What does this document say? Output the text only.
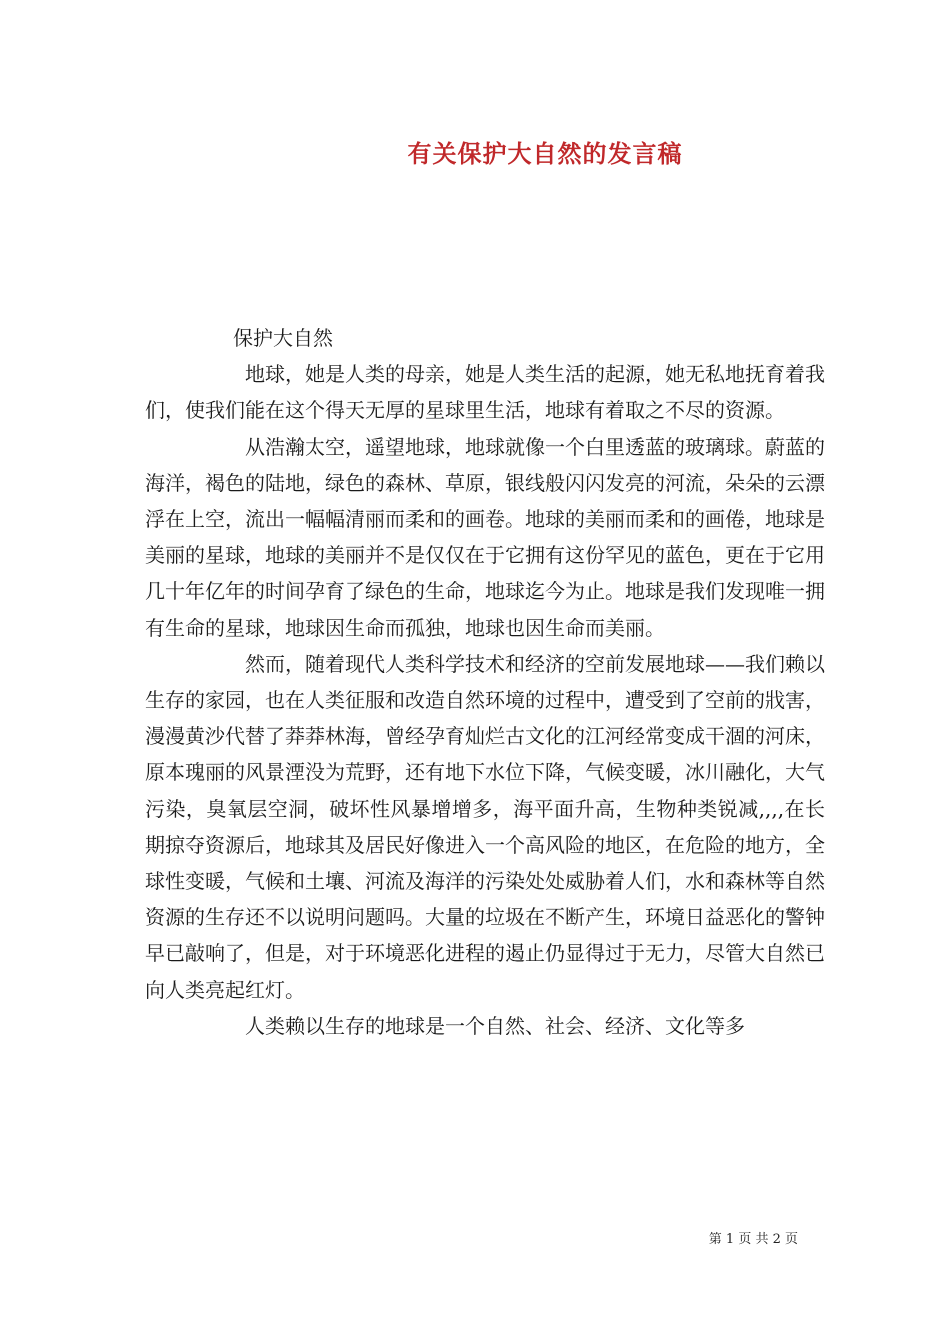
有关保护大自然的发言稿

保护大自然

地球，她是人类的母亲，她是人类生活的起源，她无私地抚育着我们，使我们能在这个得天无厚的星球里生活，地球有着取之不尽的资源。

从浩瀚太空，遥望地球，地球就像一个白里透蓝的玻璃球。蔚蓝的海洋，褐色的陆地，绿色的森林、草原，银线般闪闪发亮的河流，朵朵的云漂浮在上空，流出一幅幅清丽而柔和的画卷。地球的美丽而柔和的画倦，地球是美丽的星球，地球的美丽并不是仅仅在于它拥有这份罕见的蓝色，更在于它用几十年亿年的时间孕育了绿色的生命，地球迄今为止。地球是我们发现唯一拥有生命的星球，地球因生命而孤独，地球也因生命而美丽。

然而，随着现代人类科学技术和经济的空前发展地球——我们赖以生存的家园，也在人类征服和改造自然环境的过程中，遭受到了空前的戕害，漫漫黄沙代替了莽莽林海，曾经孕育灿烂古文化的江河经常变成干涸的河床，原本瑰丽的风景湮没为荒野，还有地下水位下降，气候变暖，冰川融化，大气污染，臭氧层空洞，破坏性风暴增增多，海平面升高，生物种类锐减,,,,在长期掠夺资源后，地球其及居民好像进入一个高风险的地区，在危险的地方，全球性变暖，气候和土壤、河流及海洋的污染处处威胁着人们，水和森林等自然资源的生存还不以说明问题吗。大量的垃圾在不断产生，环境日益恶化的警钟早已敲响了，但是，对于环境恶化进程的遏止仍显得过于无力，尽管大自然已向人类亮起红灯。

人类赖以生存的地球是一个自然、社会、经济、文化等多

第 1 页 共 2 页
